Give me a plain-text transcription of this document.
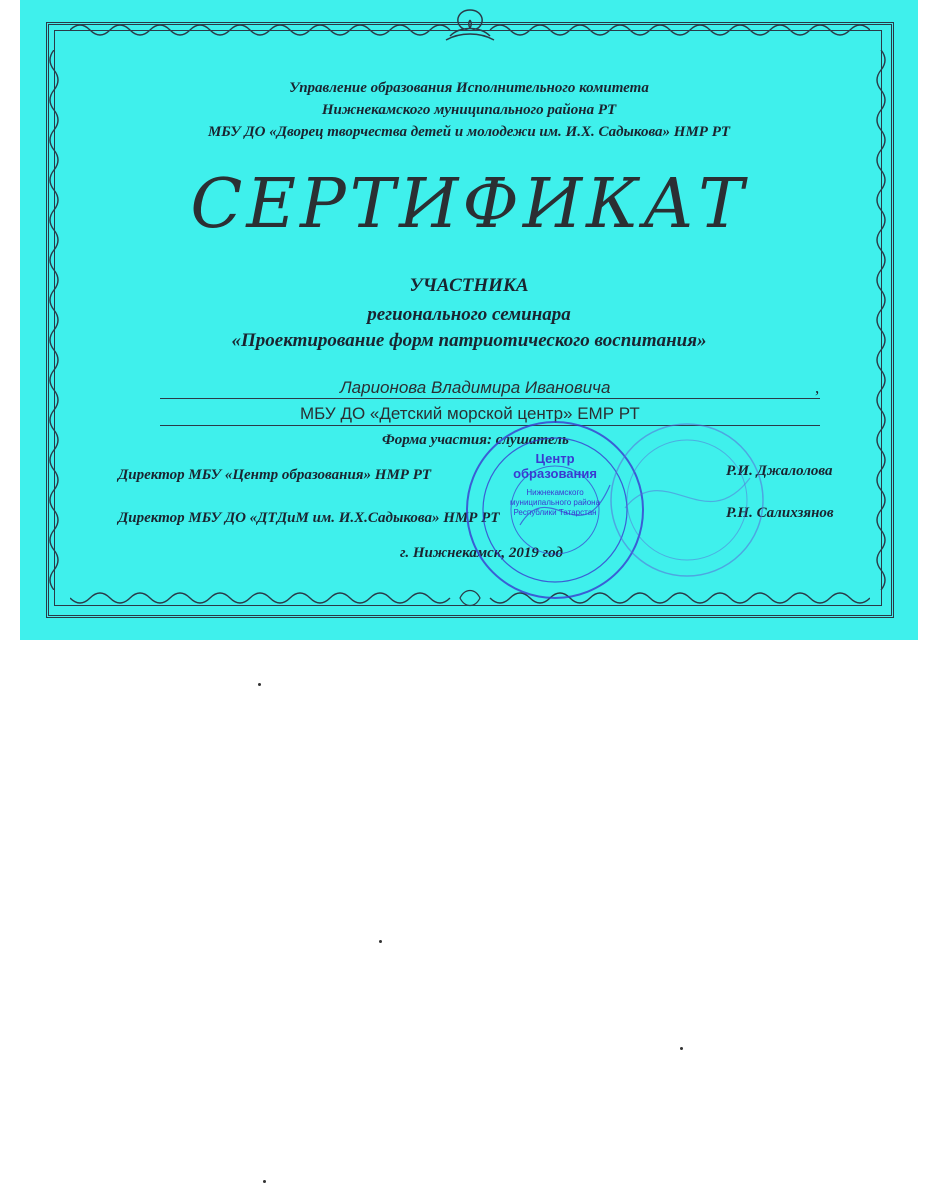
Управление образования Исполнительного комитета
Нижнекамского муниципального района РТ
МБУ ДО «Дворец творчества детей и молодежи им. И.Х. Садыкова» НМР РТ
СЕРТИФИКАТ
УЧАСТНИКА
регионального семинара
«Проектирование форм патриотического воспитания»
Ларионова Владимира Ивановича	,
МБУ ДО «Детский морской центр» ЕМР РТ
Форма участия: слушатель
Директор МБУ «Центр образования» НМР РТ	Р.И. Джалолова
Директор МБУ ДО «ДТДиМ им. И.Х.Садыкова» НМР РТ	Р.Н. Салихзянов
г. Нижнекамск, 2019 год
Центр
образования
Нижнекамского
муниципального района
Республики Татарстан
